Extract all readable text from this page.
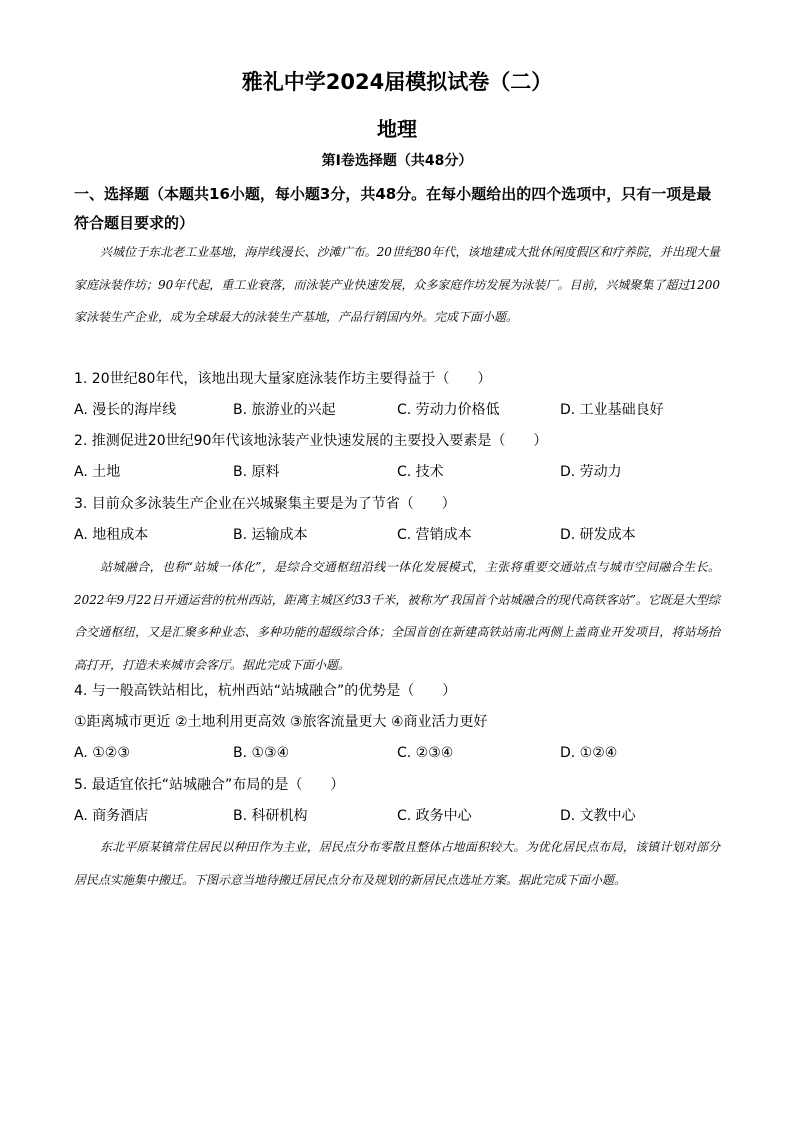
雅礼中学2024届模拟试卷（二）
地理
第Ⅰ卷选择题（共48分）
一、选择题（本题共16小题，每小题3分，共48分。在每小题给出的四个选项中，只有一项是最符合题目要求的）
兴城位于东北老工业基地，海岸线漫长、沙滩广布。20世纪80年代，该地建成大批休闲度假区和疗养院，并出现大量家庭泳装作坊；90年代起，重工业衰落，而泳装产业快速发展，众多家庭作坊发展为泳装厂。目前，兴城聚集了超过1200家泳装生产企业，成为全球最大的泳装生产基地，产品行销国内外。完成下面小题。
1. 20世纪80年代，该地出现大量家庭泳装作坊主要得益于（　　）
A. 漫长的海岸线	B. 旅游业的兴起	C. 劳动力价格低	D. 工业基础良好
2. 推测促进20世纪90年代该地泳装产业快速发展的主要投入要素是（　　）
A. 土地	B. 原料	C. 技术	D. 劳动力
3. 目前众多泳装生产企业在兴城聚集主要是为了节省（　　）
A. 地租成本	B. 运输成本	C. 营销成本	D. 研发成本
站城融合，也称“站城一体化”，是综合交通枢纽沿线一体化发展模式，主张将重要交通站点与城市空间融合生长。2022年9月22日开通运营的杭州西站，距离主城区约33千米，被称为“我国首个站城融合的现代高铁客站”。它既是大型综合交通枢纽，又是汇聚多种业态、多种功能的超级综合体；全国首创在新建高铁站南北两侧上盖商业开发项目，将站场抬高打开，打造未来城市会客厅。据此完成下面小题。
4. 与一般高铁站相比，杭州西站“站城融合”的优势是（　　）
①距离城市更近 ②土地利用更高效 ③旅客流量更大 ④商业活力更好
A. ①②③	B. ①③④	C. ②③④	D. ①②④
5. 最适宜依托“站城融合”布局的是（　　）
A. 商务酒店	B. 科研机构	C. 政务中心	D. 文教中心
东北平原某镇常住居民以种田作为主业，居民点分布零散且整体占地面积较大。为优化居民点布局，该镇计划对部分居民点实施集中搬迁。下图示意当地待搬迁居民点分布及规划的新居民点选址方案。据此完成下面小题。
